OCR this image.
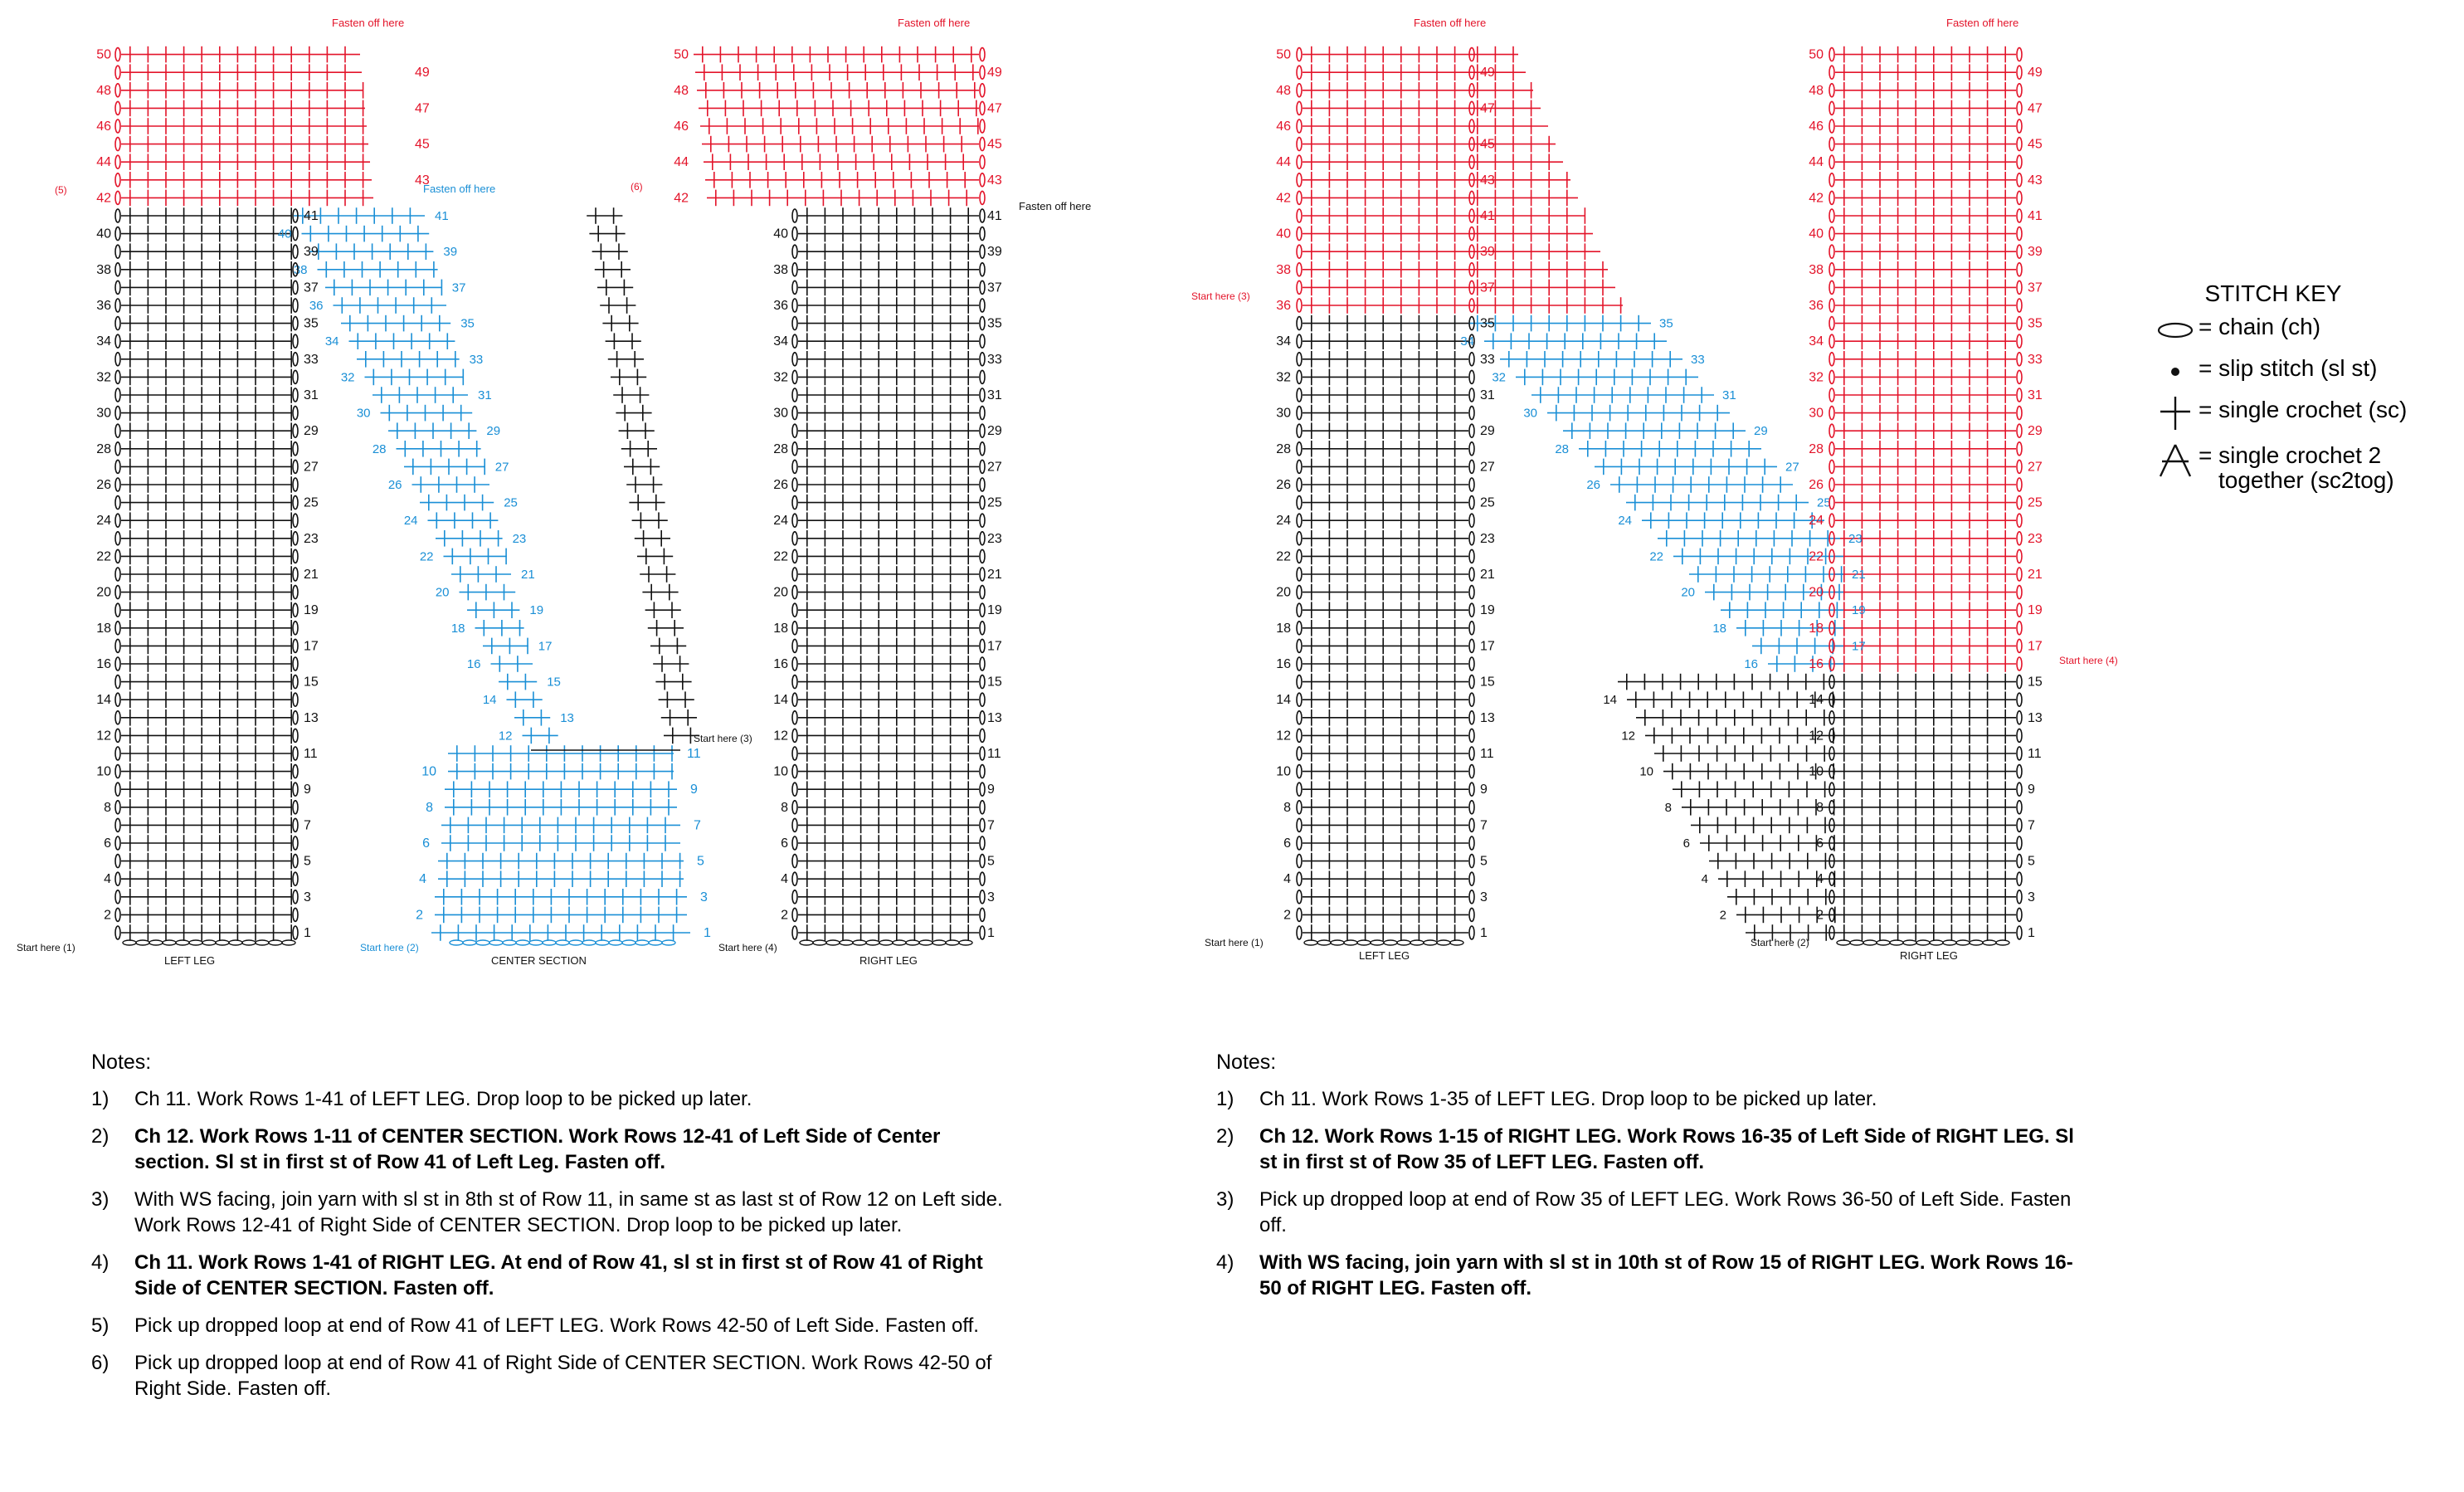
1	1
2	2
3	3
4	4
5	5
6	6
7	7
8	8
9	9
10	10
11	11
12	12
13	13
14	14
15	15
16	16
17	17
18	18
19	19
20	20
21	21
22	22
23	23
24	24
25	25
26	26
27	27
28	28
29	29
30	30
31	31
32	32
33	33
34	34
35	35
36	36
37	37
38	38
39	39
40	40
41	41
42	42
43	43
44	44
45	45
46	46
47	47
48	48
49	49
50	50
1
2
3
4
5
6
7
8
9
10
11
12
13
14
15
16
17
18
19
20
21
22
23
24
25
26
27
28
29
30
31
32
33
34
35
36
37
38
39
40
41
1	1
2	2
3	3
4	4
5	5
6	6
7	7
8	8
9	9
10	10
11	11
12	12
13	13
14	14
15	15
16	16
17	17
18	18
19	19
20	20
21	21
22	22
23	23
24	24
25	25
26	26
27	27
28	28
29	29
30	30
31	31
32	32
33	33
34	34
35	35
36	36
37	37
38	38
39	39
40	40
41	41
42	42
43	43
44	44
45	45
46	46
47	47
48	48
49	49
50	50
16
17
18
19
20
21
22
23
24
25
26
27
28
29
30
31
32
33
34
35
2
4
6
8
10
12
14
Fasten off here	Fasten off here
Fasten off here
Fasten off here
(5)	(6)
Start here (1)	Start here (2)
Start here (3)
Start here (4)
LEFT LEG	CENTER SECTION	RIGHT LEG
Fasten off here	Fasten off here
Start here (1)	Start here (2)
Start here (3)
Start here (4)
LEFT LEG	RIGHT LEG
STITCH KEY
= chain (ch)
= slip stitch (sl st)
= single crochet (sc)
= single crochet 2
together (sc2tog)
Notes:
1) Ch 11. Work Rows 1-41 of LEFT LEG. Drop loop to be picked up later.
2) Ch 12. Work Rows 1-11 of CENTER SECTION. Work Rows 12-41 of Left Side of Center section. Sl st in first st of Row 41 of Left Leg. Fasten off.
3) With WS facing, join yarn with sl st in 8th st of Row 11, in same st as last st of Row 12 on Left side. Work Rows 12-41 of Right Side of CENTER SECTION. Drop loop to be picked up later.
4) Ch 11. Work Rows 1-41 of RIGHT LEG. At end of Row 41, sl st in first st of Row 41 of Right Side of CENTER SECTION. Fasten off.
5) Pick up dropped loop at end of Row 41 of LEFT LEG. Work Rows 42-50 of Left Side. Fasten off.
6) Pick up dropped loop at end of Row 41 of Right Side of CENTER SECTION. Work Rows 42-50 of Right Side. Fasten off.
Notes:
1) Ch 11. Work Rows 1-35 of LEFT LEG. Drop loop to be picked up later.
2) Ch 12. Work Rows 1-15 of RIGHT LEG. Work Rows 16-35 of Left Side of RIGHT LEG. Sl st in first st of Row 35 of LEFT LEG. Fasten off.
3) Pick up dropped loop at end of Row 35 of LEFT LEG. Work Rows 36-50 of Left Side. Fasten off.
4) With WS facing, join yarn with sl st in 10th st of Row 15 of RIGHT LEG. Work Rows 16-50 of RIGHT LEG. Fasten off.
